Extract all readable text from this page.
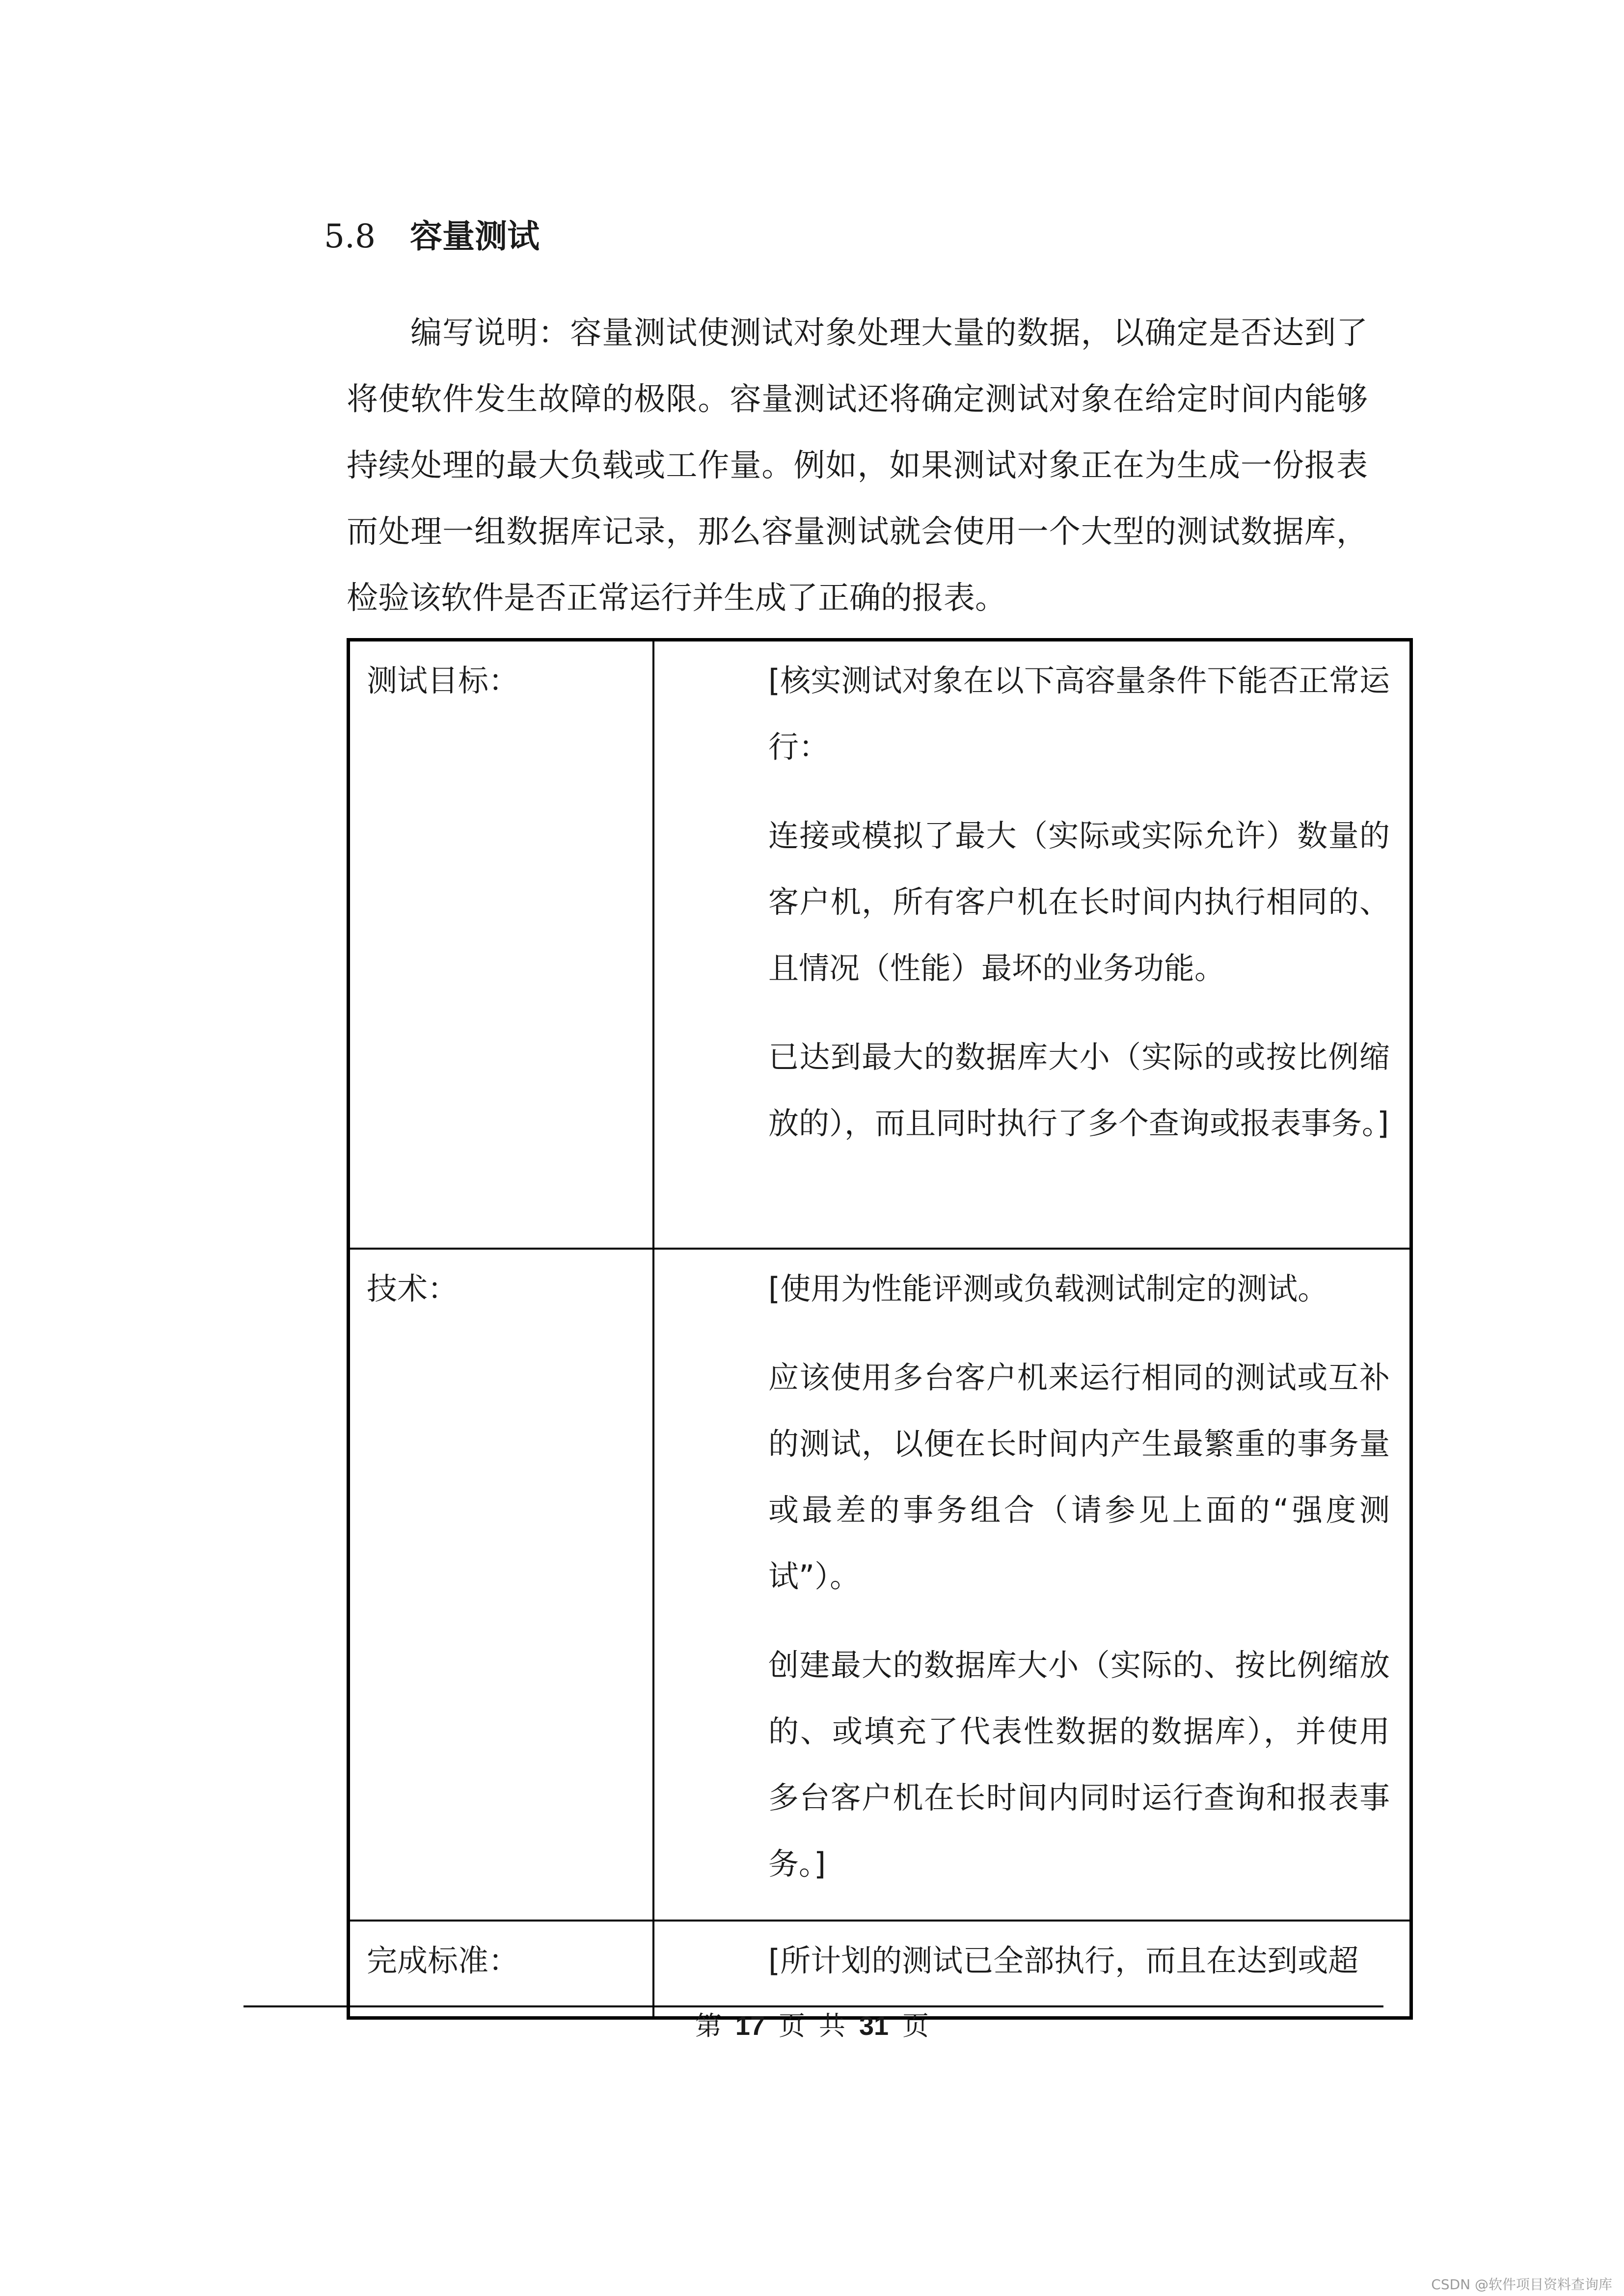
5.8 容量测试

编写说明：容量测试使测试对象处理大量的数据，以确定是否达到了将使软件发生故障的极限。容量测试还将确定测试对象在给定时间内能够持续处理的最大负载或工作量。例如，如果测试对象正在为生成一份报表而处理一组数据库记录，那么容量测试就会使用一个大型的测试数据库，检验该软件是否正常运行并生成了正确的报表。

测试目标：	[核实测试对象在以下高容量条件下能否正常运行：

连接或模拟了最大（实际或实际允许）数量的客户机，所有客户机在长时间内执行相同的、且情况（性能）最坏的业务功能。

已达到最大的数据库大小（实际的或按比例缩放的），而且同时执行了多个查询或报表事务。]

技术：	[使用为性能评测或负载测试制定的测试。

应该使用多台客户机来运行相同的测试或互补的测试，以便在长时间内产生最繁重的事务量或最差的事务组合（请参见上面的“强度测试”）。

创建最大的数据库大小（实际的、按比例缩放的、或填充了代表性数据的数据库），并使用多台客户机在长时间内同时运行查询和报表事务。]

完成标准：	[所计划的测试已全部执行，而且在达到或超

第 17 页 共 31 页
CSDN @软件项目资料查询库
